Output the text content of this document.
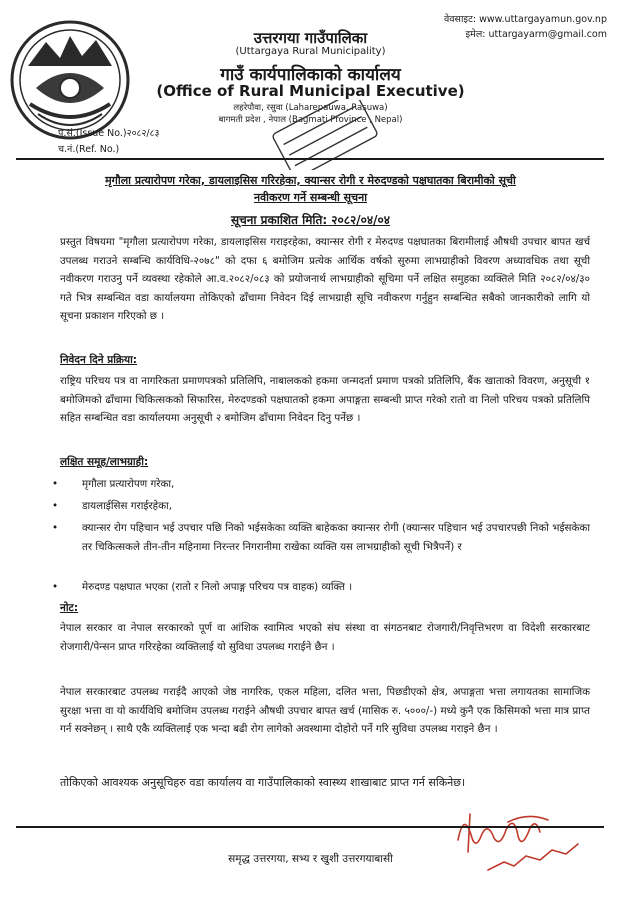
उत्तरगया गाउँपालिका
(Uttargaya Rural Municipality)
गाउँ कार्यपालिकाको कार्यालय
(Office of Rural Municipal Executive)
लहरेपौवा, रसुवा (Laharepauwa, Rasuwa)
बागमती प्रदेश , नेपाल (Bagmati Province , Nepal)
वेवसाइट: www.uttargayamun.gov.np
इमेल: uttargayarm@gmail.com
प.सं.(Issue No.)२०८२/८३
च.नं.(Ref. No.)
मृगौला प्रत्यारोपण गरेका, डायलाइसिस गरिरहेका, क्यान्सर रोगी र मेरुदण्डको पक्षघातका बिरामीको सूची
नवीकरण गर्ने सम्बन्धी सूचना
सूचना प्रकाशित मिति: २०८२/०४/०४

प्रस्तुत विषयमा "मृगौला प्रत्यारोपण गरेका, डायलाइसिस गराइरहेका, क्यान्सर रोगी र मेरुदण्ड पक्षघातका बिरामीलाई औषधी उपचार बापत खर्च उपलब्ध गराउने सम्बन्धि कार्यविधि-२०७८" को दफा ६ बमोजिम प्रत्येक आर्थिक वर्षको सुरुमा लाभग्राहीको विवरण अध्यावधिक तथा सूची नवीकरण गराउनु पर्ने व्यवस्था रहेकोले आ.व.२०८२/०८३ को प्रयोजनार्थ लाभग्राहीको सूचिमा पर्ने लक्षित समुहका व्यक्तिले मिति २०८२/०४/३० गते भित्र सम्बन्धित वडा कार्यालयमा तोकिएको ढाँचामा निवेदन दिई लाभग्राही सूचि नवीकरण गर्नुहुन सम्बन्धित सबैको जानकारीको लागि यो सूचना प्रकाशन गरिएको छ ।

निवेदन दिने प्रक्रिया:

राष्ट्रिय परिचय पत्र वा नागरिकता प्रमाणपत्रको प्रतिलिपि, नाबालकको हकमा जन्मदर्ता प्रमाण पत्रको प्रतिलिपि, बैंक खाताको विवरण, अनुसूची १ बमोजिमको ढाँचामा चिकित्सकको सिफारिस, मेरुदण्डको पक्षघातको हकमा अपाङ्गता सम्बन्धी प्राप्त गरेको रातो वा निलो परिचय पत्रको प्रतिलिपि सहित सम्बन्धित वडा कार्यालयमा अनुसूची २ बमोजिम ढाँचामा निवेदन दिनु पर्नेछ ।

लक्षित समूह/लाभग्राही:
• मृगौला प्रत्यारोपण गरेका,
• डायलाईसिस गराईरहेका,
• क्यान्सर रोग पहिचान भई उपचार पछि निको भईसकेका व्यक्ति बाहेकका क्यान्सर रोगी (क्यान्सर पहिचान भई उपचारपछी निको भईसकेका तर चिकित्सकले तीन-तीन महिनामा निरन्तर निगरानीमा राखेका व्यक्ति यस लाभग्राहीको सूची भित्रैपर्ने) र
• मेरुदण्ड पक्षघात भएका (रातो र निलो अपाङ्ग परिचय पत्र वाहक) व्यक्ति ।
नोट:

नेपाल सरकार वा नेपाल सरकारको पूर्ण वा आंशिक स्वामित्व भएको संघ संस्था वा संगठनबाट रोजगारी/निवृत्तिभरण वा विदेशी सरकारबाट रोजगारी/पेन्सन प्राप्त गरिरहेका व्यक्तिलाई यो सुविधा उपलब्ध गराईने छैन ।

नेपाल सरकारबाट उपलब्ध गराईदै आएको जेष्ठ नागरिक, एकल महिला, दलित भत्ता, पिछडीएको क्षेत्र, अपाङ्गता भत्ता लगायतका सामाजिक सुरक्षा भत्ता वा यो कार्यविधि बमोजिम उपलब्ध गराईने औषधी उपचार बापत खर्च (मासिक रु. ५०००/-) मध्ये कुनै एक किसिमको भत्ता मात्र प्राप्त गर्न सक्नेछन् । साथै एकै व्यक्तिलाई एक भन्दा बढी रोग लागेको अवस्थामा दोहोरो पर्ने गरि सुविधा उपलब्ध गराइने छैन ।

तोकिएको आवश्यक अनुसूचिहरु वडा कार्यालय वा गाउँपालिकाको स्वास्थ्य शाखाबाट प्राप्त गर्न सकिनेछ।
समृद्ध उत्तरगया, सभ्य र खुशी उत्तरगयाबासी
